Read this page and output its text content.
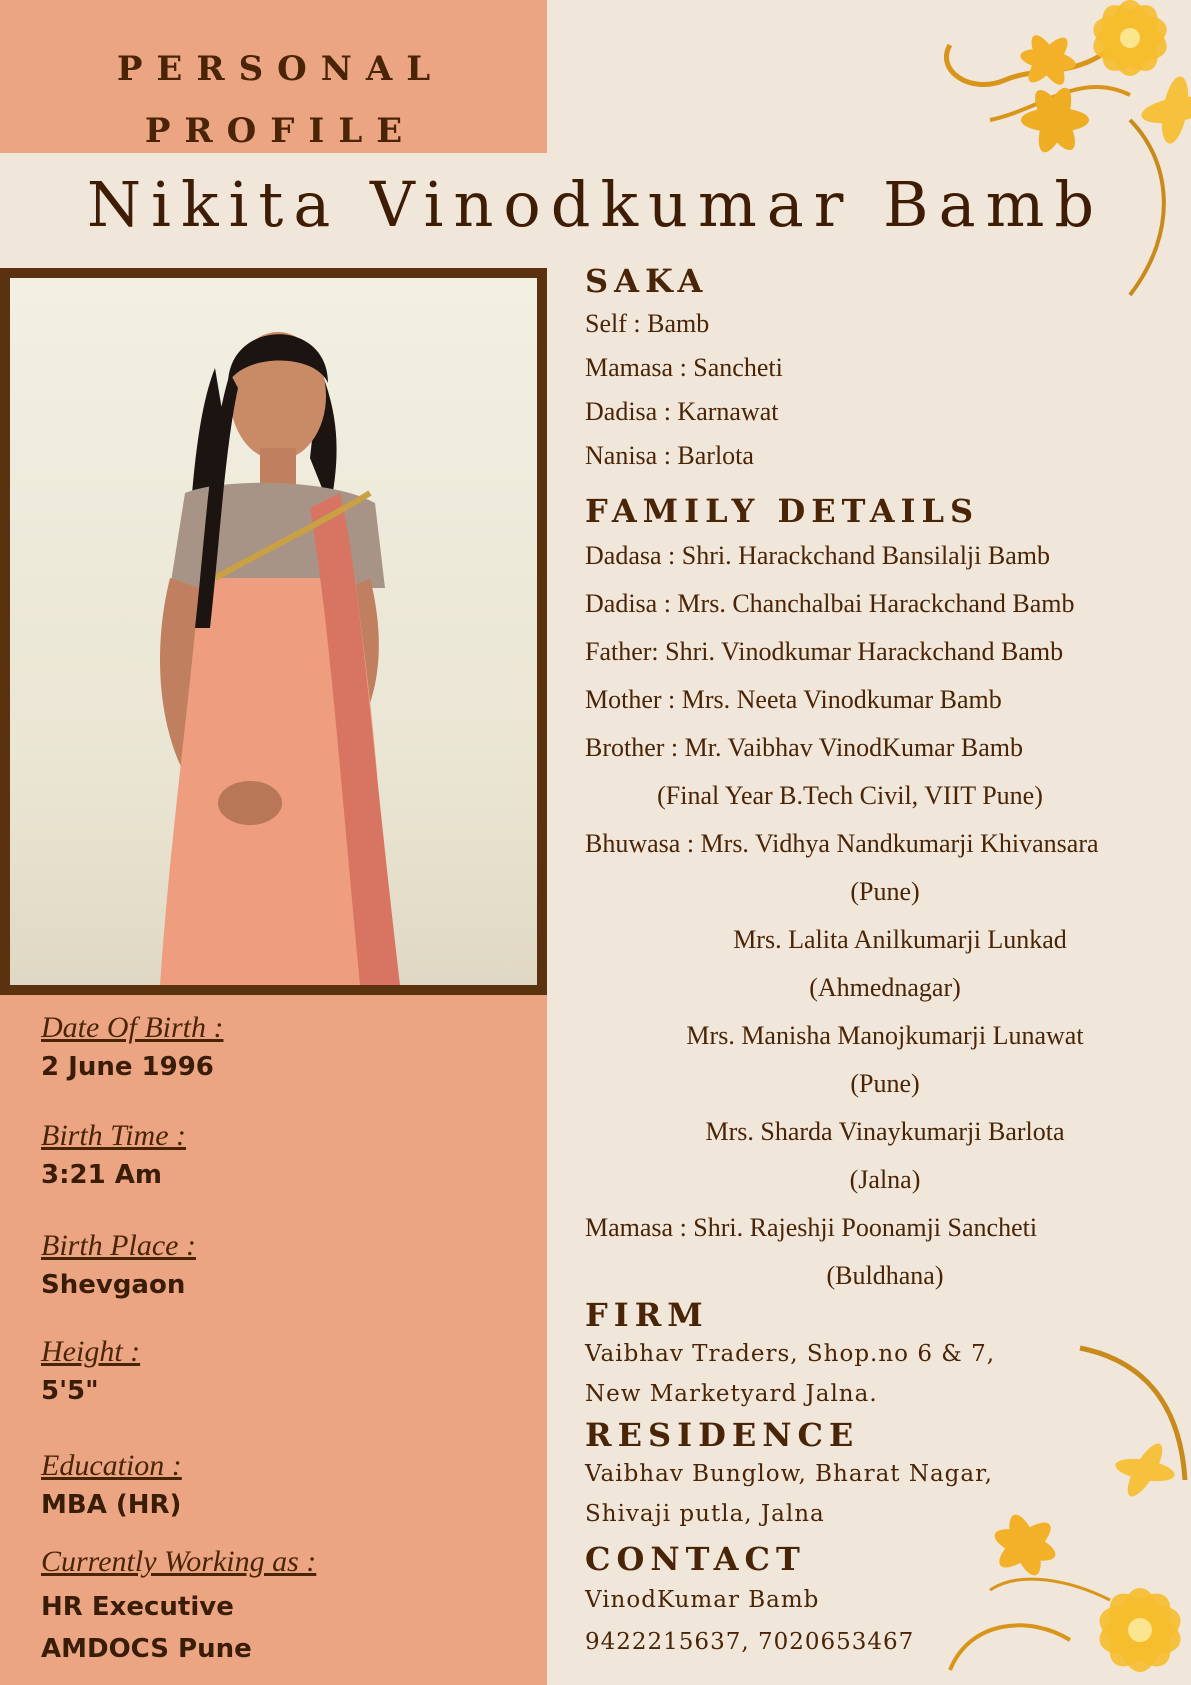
PERSONAL
PROFILE
Nikita Vinodkumar Bamb
Date Of Birth :
2 June 1996
Birth Time :
3:21 Am
Birth Place :
Shevgaon
Height :
5'5"
Education :
MBA (HR)
Currently Working as :
HR Executive
AMDOCS Pune
SAKA
Self : Bamb
Mamasa : Sancheti
Dadisa : Karnawat
Nanisa : Barlota
FAMILY DETAILS
Dadasa : Shri. Harackchand Bansilalji Bamb
Dadisa : Mrs. Chanchalbai Harackchand Bamb
Father: Shri. Vinodkumar Harackchand Bamb
Mother : Mrs. Neeta Vinodkumar Bamb
Brother : Mr. Vaibhav VinodKumar Bamb
(Final Year B.Tech Civil, VIIT Pune)
Bhuwasa : Mrs. Vidhya Nandkumarji Khivansara
(Pune)
Mrs. Lalita Anilkumarji Lunkad
(Ahmednagar)
Mrs. Manisha Manojkumarji Lunawat
(Pune)
Mrs. Sharda Vinaykumarji Barlota
(Jalna)
Mamasa : Shri. Rajeshji Poonamji Sancheti
(Buldhana)
FIRM
Vaibhav Traders, Shop.no 6 & 7,
New Marketyard Jalna.
RESIDENCE
Vaibhav Bunglow, Bharat Nagar,
Shivaji putla, Jalna
CONTACT
VinodKumar Bamb
9422215637, 7020653467
